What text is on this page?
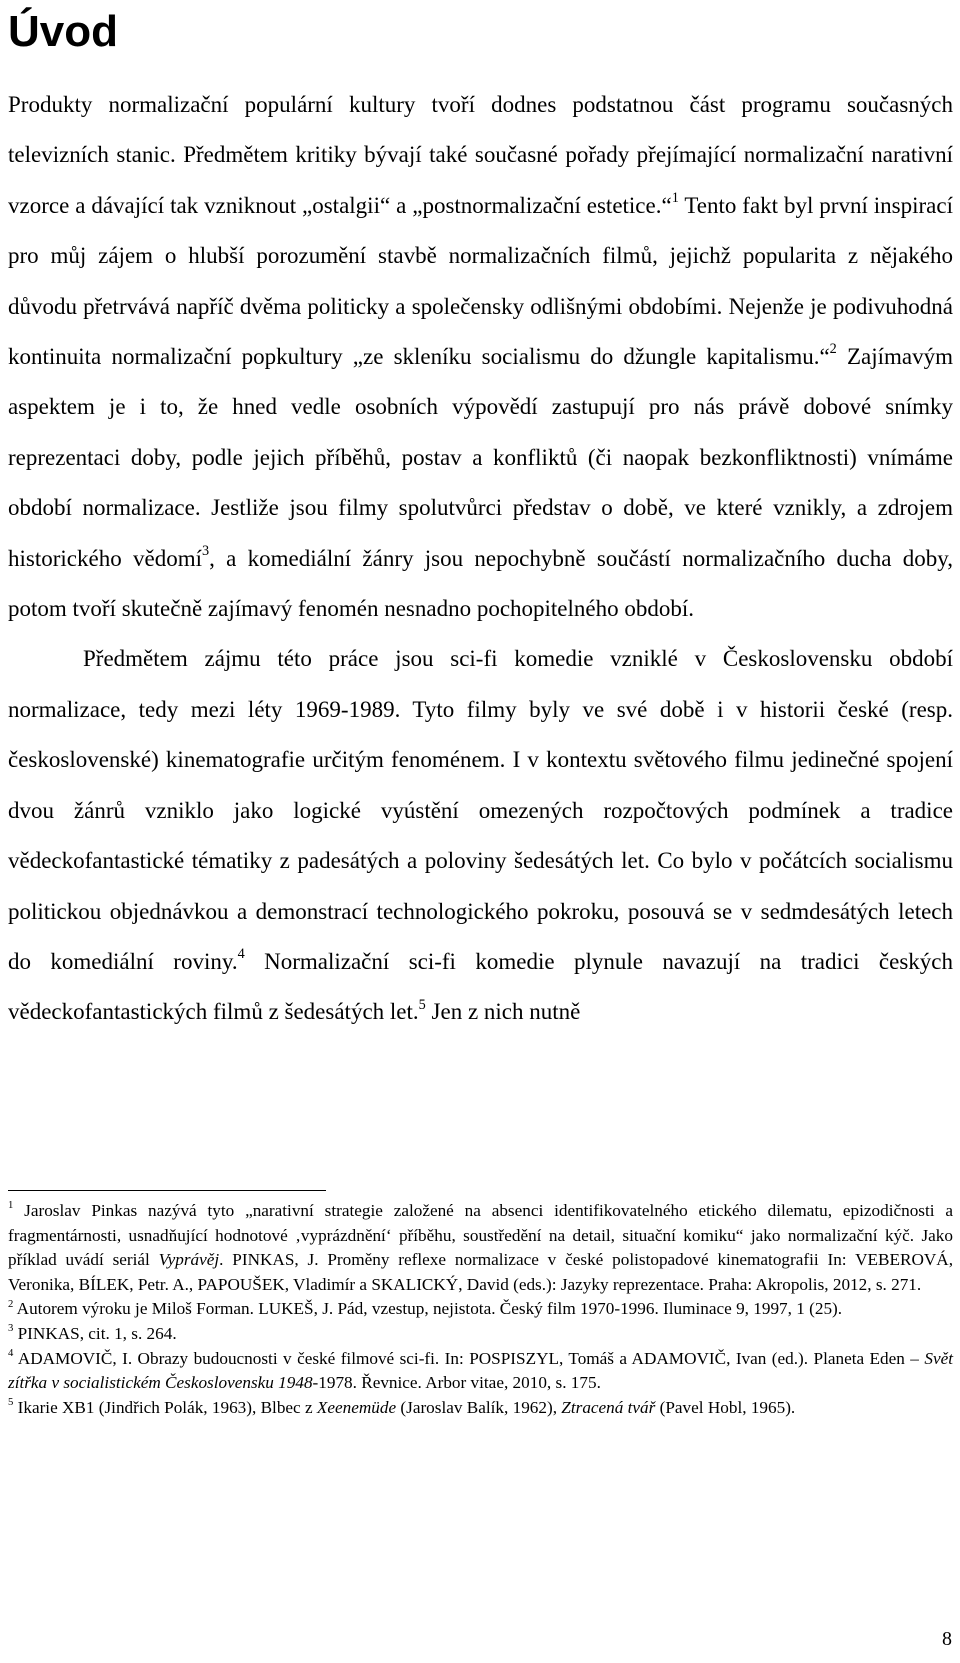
Úvod

Produkty normalizační populární kultury tvoří dodnes podstatnou část programu současných televizních stanic. Předmětem kritiky bývají také současné pořady přejímající normalizační narativní vzorce a dávající tak vzniknout „ostalgii“ a „postnormalizační estetice.“$^1$ Tento fakt byl první inspirací pro můj zájem o hlubší porozumění stavbě normalizačních filmů, jejichž popularita z nějakého důvodu přetrvává napříč dvěma politicky a společensky odlišnými obdobími. Nejenže je podivuhodná kontinuita normalizační popkultury „ze skleníku socialismu do džungle kapitalismu.“$^2$ Zajímavým aspektem je i to, že hned vedle osobních výpovědí zastupují pro nás právě dobové snímky reprezentaci doby, podle jejich příběhů, postav a konfliktů (či naopak bezkonfliktnosti) vnímáme období normalizace. Jestliže jsou filmy spolutvůrci představ o době, ve které vznikly, a zdrojem historického vědomí$^3$, a komediální žánry jsou nepochybně součástí normalizačního ducha doby, potom tvoří skutečně zajímavý fenomén nesnadno pochopitelného období.

Předmětem zájmu této práce jsou sci-fi komedie vzniklé v Československu období normalizace, tedy mezi léty 1969-1989. Tyto filmy byly ve své době i v historii české (resp. československé) kinematografie určitým fenoménem. I v kontextu světového filmu jedinečné spojení dvou žánrů vzniklo jako logické vyústění omezených rozpočtových podmínek a tradice vědeckofantastické tématiky z padesátých a poloviny šedesátých let. Co bylo v počátcích socialismu politickou objednávkou a demonstrací technologického pokroku, posouvá se v sedmdesátých letech do komediální roviny.$^4$ Normalizační sci-fi komedie plynule navazují na tradici českých vědeckofantastických filmů z šedesátých let.$^5$ Jen z nich nutně

$^1$ Jaroslav Pinkas nazývá tyto „narativní strategie založené na absenci identifikovatelného etického dilematu, epizodičnosti a fragmentárnosti, usnadňující hodnotové ‚vyprázdnění‘ příběhu, soustředění na detail, situační komiku“ jako normalizační kýč. Jako příklad uvádí seriál Vyprávěj. PINKAS, J. Proměny reflexe normalizace v české polistopadové kinematografii In: VEBEROVÁ, Veronika, BÍLEK, Petr. A., PAPOUŠEK, Vladimír a SKALICKÝ, David (eds.): Jazyky reprezentace. Praha: Akropolis, 2012, s. 271.

$^2$ Autorem výroku je Miloš Forman. LUKEŠ, J. Pád, vzestup, nejistota. Český film 1970-1996. Iluminace 9, 1997, 1 (25).

$^3$ PINKAS, cit. 1, s. 264.

$^4$ ADAMOVIČ, I. Obrazy budoucnosti v české filmové sci-fi. In: POSPISZYL, Tomáš a ADAMOVIČ, Ivan (ed.). Planeta Eden – Svět zítřka v socialistickém Československu 1948-1978. Řevnice. Arbor vitae, 2010, s. 175.

$^5$ Ikarie XB1 (Jindřich Polák, 1963), Blbec z Xeenemüde (Jaroslav Balík, 1962), Ztracená tvář (Pavel Hobl, 1965).

8
